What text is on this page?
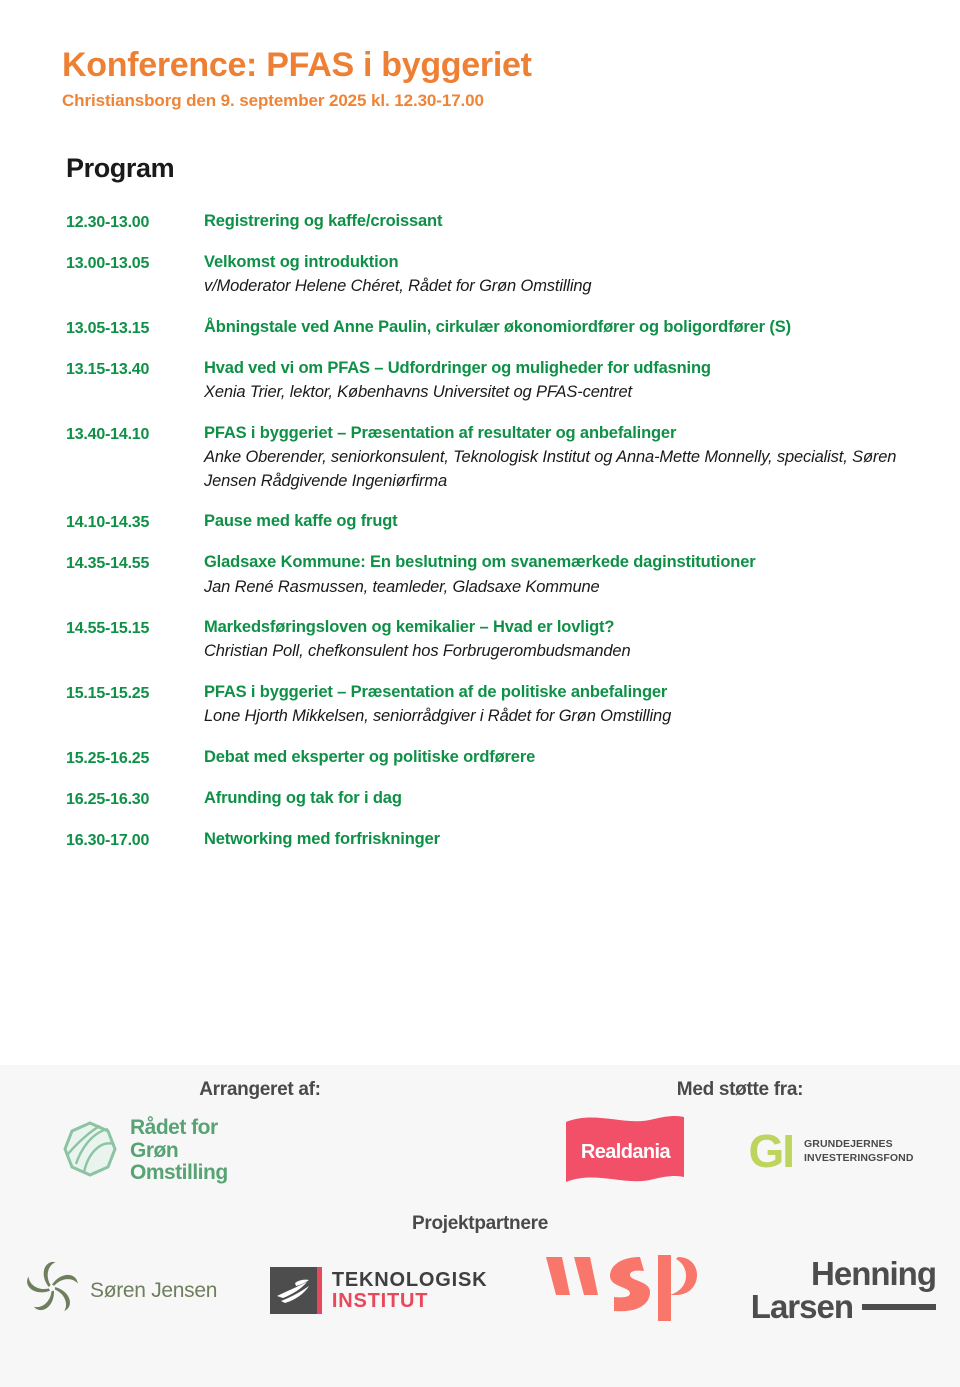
Konference: PFAS i byggeriet
Christiansborg den 9. september 2025 kl. 12.30-17.00
Program
12.30-13.00	Registrering og kaffe/croissant
13.00-13.05	Velkomst og introduktion
v/Moderator Helene Chéret, Rådet for Grøn Omstilling
13.05-13.15	Åbningstale ved Anne Paulin, cirkulær økonomiordfører og boligordfører (S)
13.15-13.40	Hvad ved vi om PFAS – Udfordringer og muligheder for udfasning
Xenia Trier, lektor, Københavns Universitet og PFAS-centret
13.40-14.10	PFAS i byggeriet – Præsentation af resultater og anbefalinger
Anke Oberender, seniorkonsulent, Teknologisk Institut og Anna-Mette Monnelly, specialist, Søren Jensen Rådgivende Ingeniørfirma
14.10-14.35	Pause med kaffe og frugt
14.35-14.55	Gladsaxe Kommune: En beslutning om svanemærkede daginstitutioner
Jan René Rasmussen, teamleder, Gladsaxe Kommune
14.55-15.15	Markedsføringsloven og kemikalier – Hvad er lovligt?
Christian Poll, chefkonsulent hos Forbrugerombudsmanden
15.15-15.25	PFAS i byggeriet – Præsentation af de politiske anbefalinger
Lone Hjorth Mikkelsen, seniorrådgiver i Rådet for Grøn Omstilling
15.25-16.25	Debat med eksperter og politiske ordførere
16.25-16.30	Afrunding og tak for i dag
16.30-17.00	Networking med forfriskninger
Arrangeret af:
Rådet for
Grøn
Omstilling
Med støtte fra:
Realdania GI GRUNDEJERNES
INVESTERINGSFOND
Projektpartnere
Søren Jensen	TEKNOLOGISK
INSTITUT
Henning
Larsen
